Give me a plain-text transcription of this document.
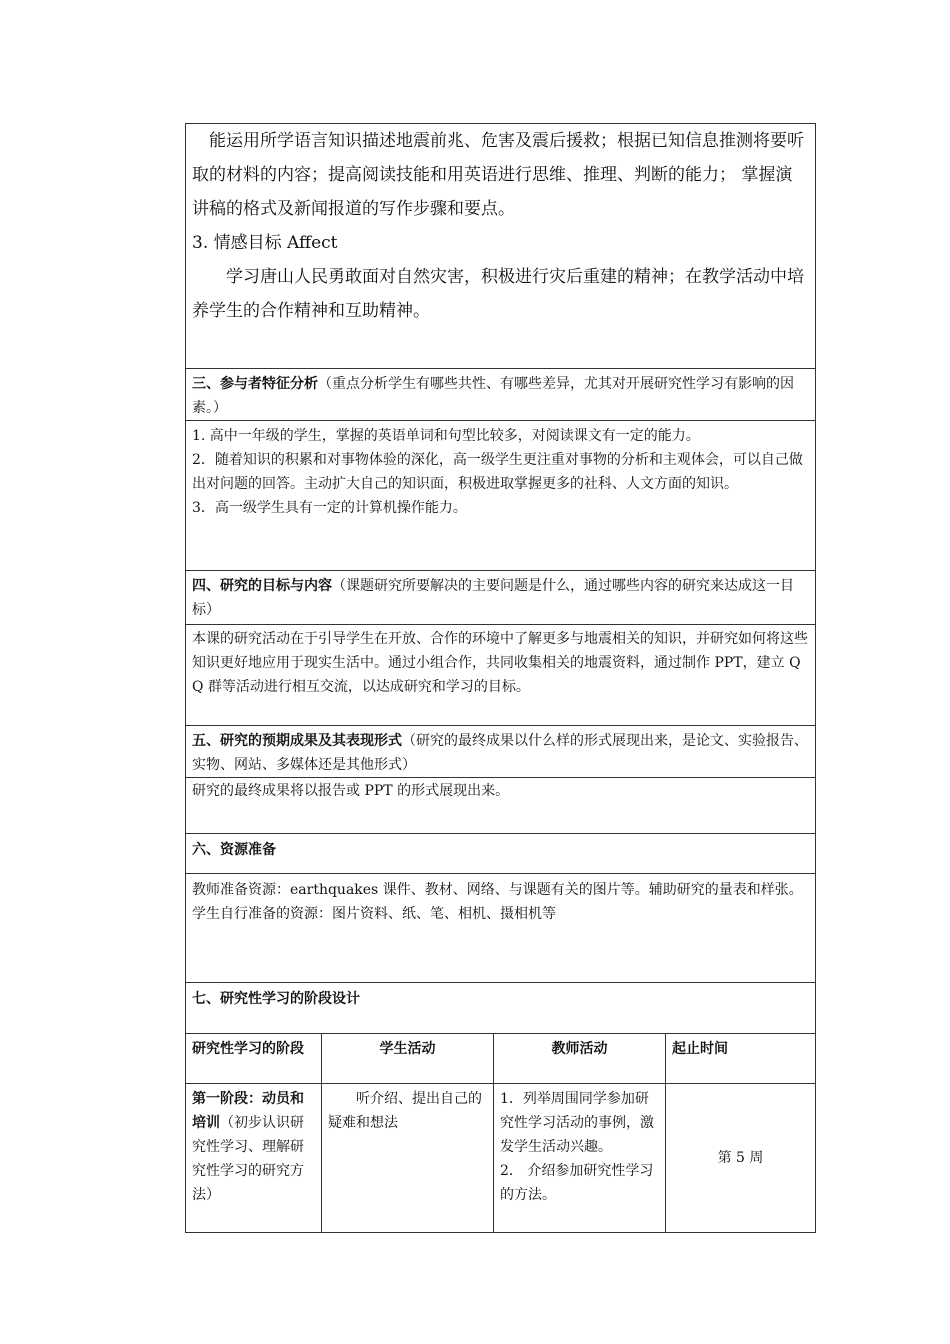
能运用所学语言知识描述地震前兆、危害及震后援救；根据已知信息推测将要听取的材料的内容；提高阅读技能和用英语进行思维、推理、判断的能力； 掌握演讲稿的格式及新闻报道的写作步骤和要点。

3. 情感目标 Affect

学习唐山人民勇敢面对自然灾害，积极进行灾后重建的精神；在教学活动中培养学生的合作精神和互助精神。			

三、参与者特征分析（重点分析学生有哪些共性、有哪些差异，尤其对开展研究性学习有影响的因素。）			

1. 高中一年级的学生，掌握的英语单词和句型比较多，对阅读课文有一定的能力。

2．随着知识的积累和对事物体验的深化，高一级学生更注重对事物的分析和主观体会，可以自己做出对问题的回答。主动扩大自己的知识面，积极进取掌握更多的社科、人文方面的知识。

3．高一级学生具有一定的计算机操作能力。			

四、研究的目标与内容（课题研究所要解决的主要问题是什么，通过哪些内容的研究来达成这一目标）			

本课的研究活动在于引导学生在开放、合作的环境中了解更多与地震相关的知识，并研究如何将这些知识更好地应用于现实生活中。通过小组合作，共同收集相关的地震资料，通过制作 PPT，建立 QQ 群等活动进行相互交流，以达成研究和学习的目标。			

五、研究的预期成果及其表现形式（研究的最终成果以什么样的形式展现出来，是论文、实验报告、实物、网站、多媒体还是其他形式）			

研究的最终成果将以报告或 PPT 的形式展现出来。			

六、资源准备			

教师准备资源：earthquakes 课件、教材、网络、与课题有关的图片等。辅助研究的量表和样张。

学生自行准备的资源：图片资料、纸、笔、相机、摄相机等			

七、研究性学习的阶段设计			

研究性学习的阶段	学生活动	教师活动	起止时间
第一阶段：动员和培训（初步认识研究性学习、理解研究性学习的研究方法）	听介绍、提出自己的疑难和想法	1．列举周围同学参加研究性学习活动的事例，激发学生活动兴趣。

2． 介绍参加研究性学习的方法。	第 5 周
